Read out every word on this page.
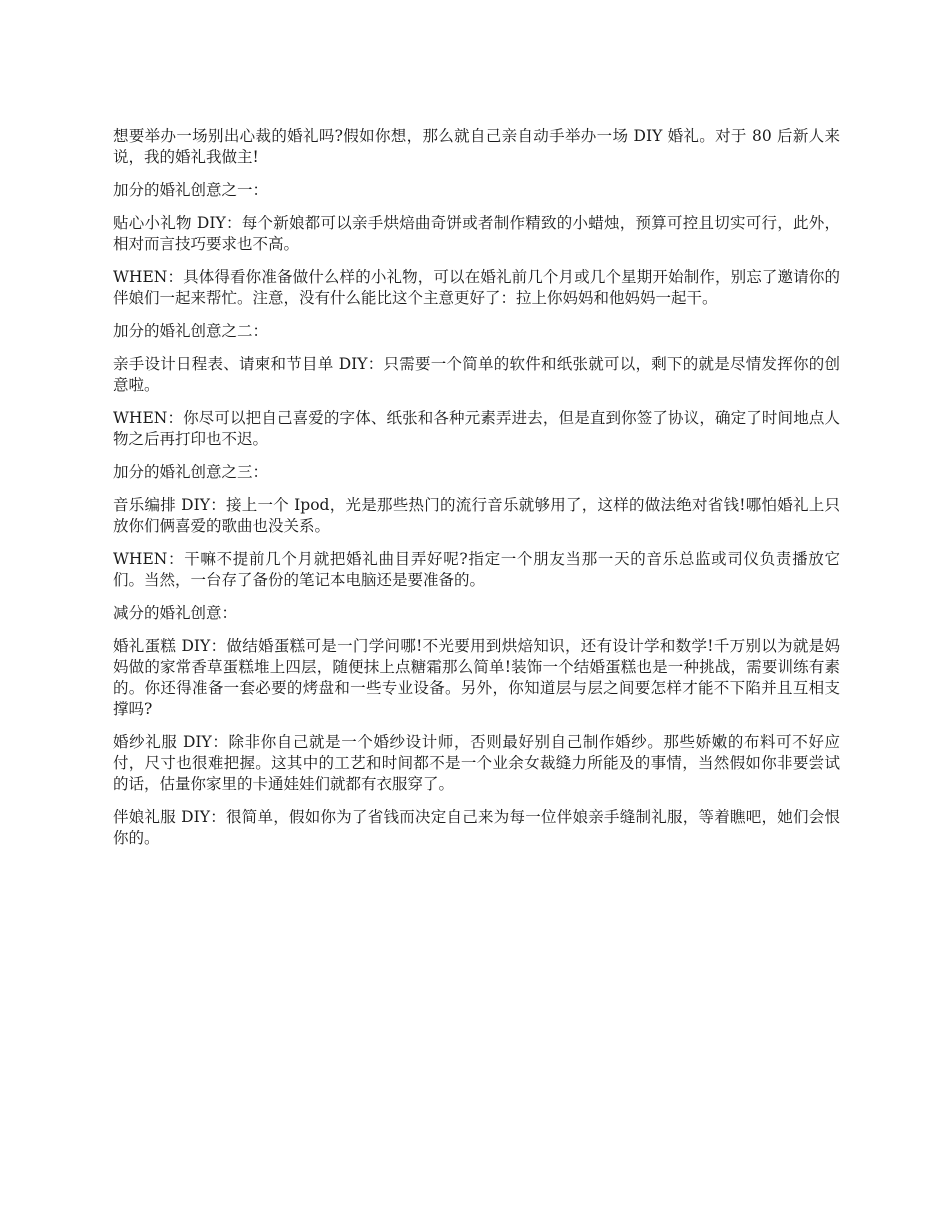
想要举办一场别出心裁的婚礼吗?假如你想，那么就自己亲自动手举办一场 DIY 婚礼。对于 80 后新人来说，我的婚礼我做主!

加分的婚礼创意之一：

贴心小礼物 DIY：每个新娘都可以亲手烘焙曲奇饼或者制作精致的小蜡烛，预算可控且切实可行，此外，相对而言技巧要求也不高。

WHEN：具体得看你准备做什么样的小礼物，可以在婚礼前几个月或几个星期开始制作，别忘了邀请你的伴娘们一起来帮忙。注意，没有什么能比这个主意更好了：拉上你妈妈和他妈妈一起干。

加分的婚礼创意之二：

亲手设计日程表、请柬和节目单 DIY：只需要一个简单的软件和纸张就可以，剩下的就是尽情发挥你的创意啦。

WHEN：你尽可以把自己喜爱的字体、纸张和各种元素弄进去，但是直到你签了协议，确定了时间地点人物之后再打印也不迟。

加分的婚礼创意之三：

音乐编排 DIY：接上一个 Ipod，光是那些热门的流行音乐就够用了，这样的做法绝对省钱!哪怕婚礼上只放你们俩喜爱的歌曲也没关系。

WHEN：干嘛不提前几个月就把婚礼曲目弄好呢?指定一个朋友当那一天的音乐总监或司仪负责播放它们。当然，一台存了备份的笔记本电脑还是要准备的。

减分的婚礼创意：

婚礼蛋糕 DIY：做结婚蛋糕可是一门学问哪!不光要用到烘焙知识，还有设计学和数学!千万别以为就是妈妈做的家常香草蛋糕堆上四层，随便抹上点糖霜那么简单!装饰一个结婚蛋糕也是一种挑战，需要训练有素的。你还得准备一套必要的烤盘和一些专业设备。另外，你知道层与层之间要怎样才能不下陷并且互相支撑吗?

婚纱礼服 DIY：除非你自己就是一个婚纱设计师，否则最好别自己制作婚纱。那些娇嫩的布料可不好应付，尺寸也很难把握。这其中的工艺和时间都不是一个业余女裁缝力所能及的事情，当然假如你非要尝试的话，估量你家里的卡通娃娃们就都有衣服穿了。

伴娘礼服 DIY：很简单，假如你为了省钱而决定自己来为每一位伴娘亲手缝制礼服，等着瞧吧，她们会恨你的。
